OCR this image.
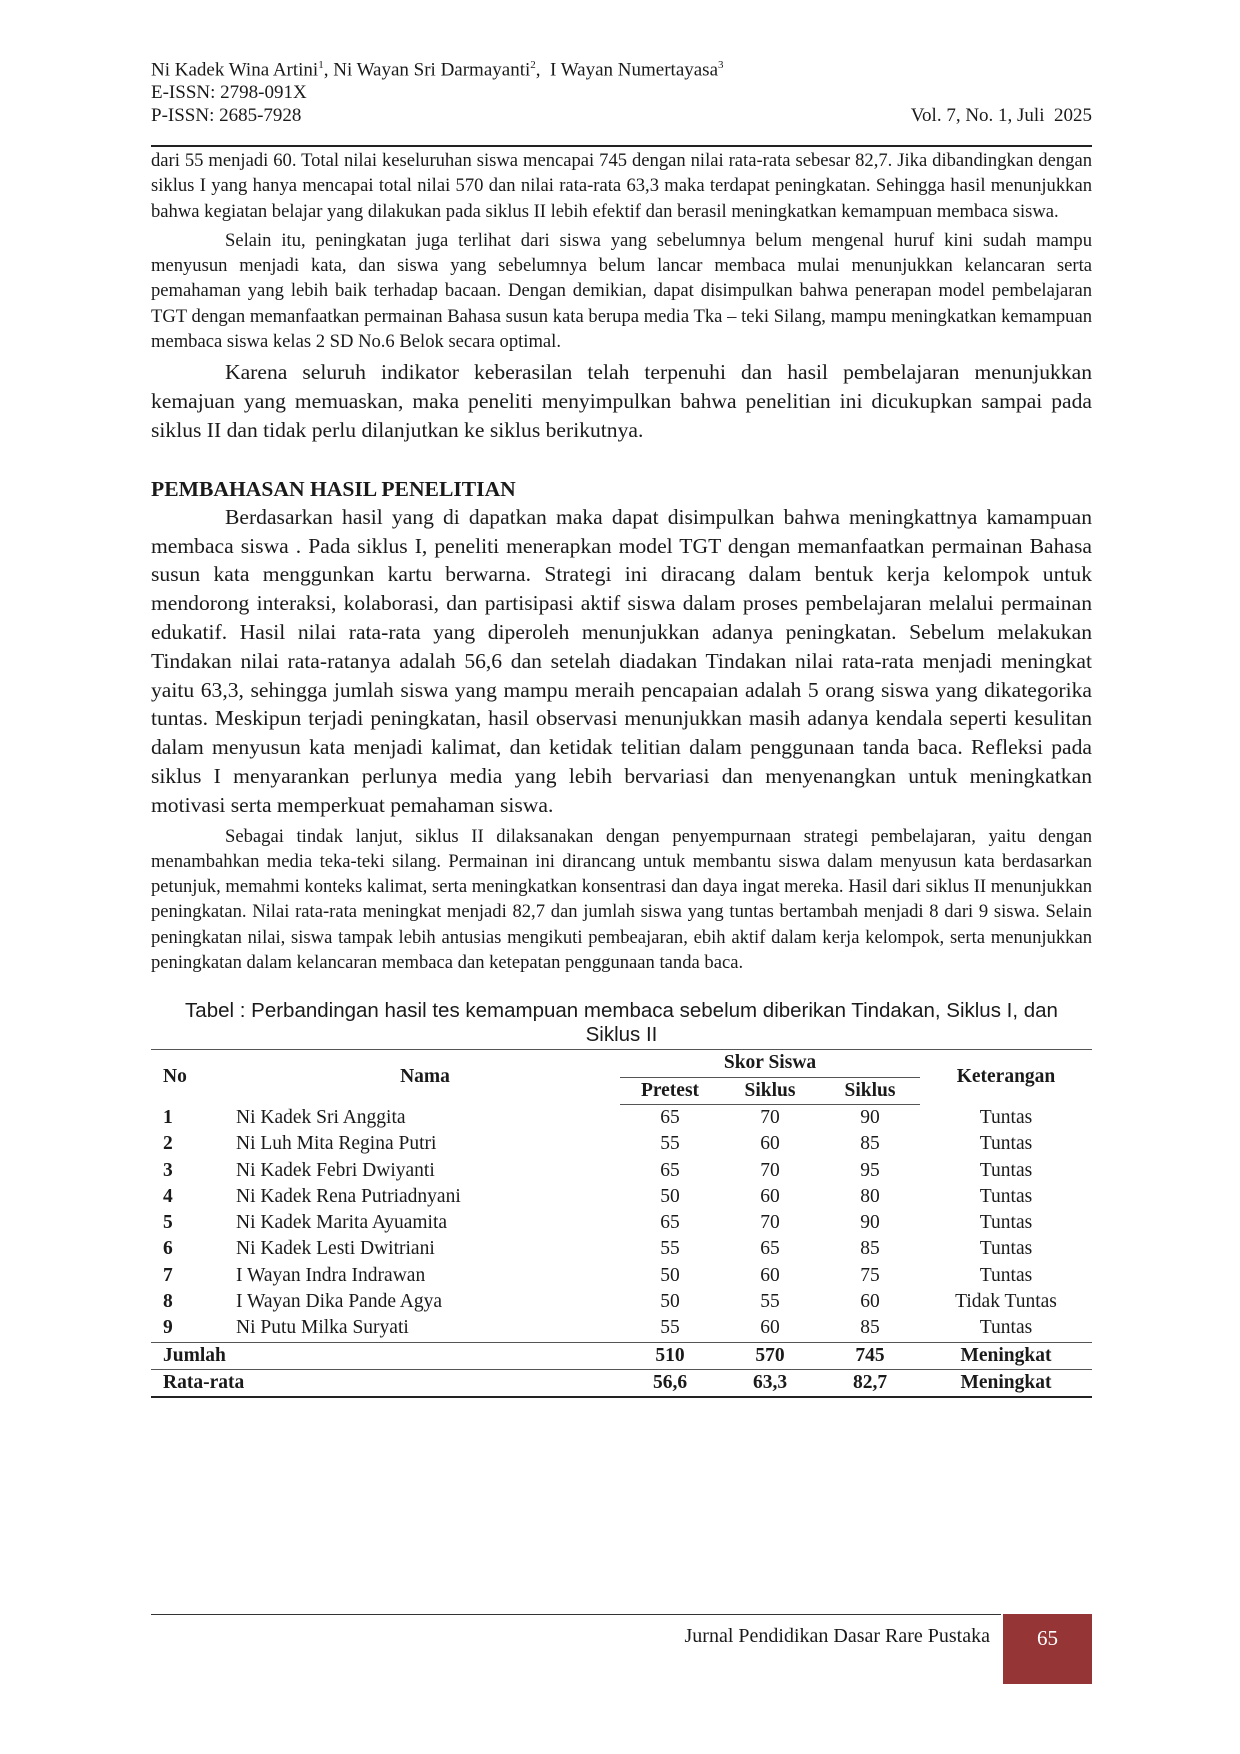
Ni Kadek Wina Artini$^1$, Ni Wayan Sri Darmayanti$^2$,  I Wayan Numertayasa$^3$
E-ISSN: 2798-091X
P-ISSN: 2685-7928	Vol. 7, No. 1, Juli  2025

dari 55 menjadi 60. Total nilai keseluruhan siswa mencapai 745 dengan nilai rata-rata sebesar 82,7. Jika dibandingkan dengan siklus I yang hanya mencapai total nilai 570 dan nilai rata-rata 63,3 maka terdapat peningkatan. Sehingga hasil menunjukkan bahwa kegiatan belajar yang dilakukan pada siklus II lebih efektif dan berasil meningkatkan kemampuan membaca siswa.

Selain itu, peningkatan juga terlihat dari siswa yang sebelumnya belum mengenal huruf kini sudah mampu menyusun menjadi kata, dan siswa yang sebelumnya belum lancar membaca mulai menunjukkan kelancaran serta pemahaman yang lebih baik terhadap bacaan. Dengan demikian, dapat disimpulkan bahwa penerapan model pembelajaran TGT dengan memanfaatkan permainan Bahasa susun kata berupa media Tka – teki Silang, mampu meningkatkan kemampuan membaca siswa kelas 2 SD No.6 Belok secara optimal.

Karena seluruh indikator keberasilan telah terpenuhi dan hasil pembelajaran menunjukkan kemajuan yang memuaskan, maka peneliti menyimpulkan bahwa penelitian ini dicukupkan sampai pada siklus II dan tidak perlu dilanjutkan ke siklus berikutnya.

PEMBAHASAN HASIL PENELITIAN

Berdasarkan hasil yang di dapatkan maka dapat disimpulkan bahwa meningkattnya kamampuan membaca siswa . Pada siklus I, peneliti menerapkan model TGT dengan memanfaatkan permainan Bahasa susun kata menggunkan kartu berwarna. Strategi ini diracang dalam bentuk kerja kelompok untuk mendorong interaksi, kolaborasi, dan partisipasi aktif siswa dalam proses pembelajaran melalui permainan edukatif. Hasil nilai rata-rata yang diperoleh menunjukkan adanya peningkatan. Sebelum melakukan Tindakan nilai rata-ratanya adalah 56,6 dan setelah diadakan Tindakan nilai rata-rata menjadi meningkat yaitu 63,3, sehingga jumlah siswa yang mampu meraih pencapaian adalah 5 orang siswa yang dikategorika tuntas. Meskipun terjadi peningkatan, hasil observasi menunjukkan masih adanya kendala seperti kesulitan dalam menyusun kata menjadi kalimat, dan ketidak telitian dalam penggunaan tanda baca. Refleksi pada siklus I menyarankan perlunya media yang lebih bervariasi dan menyenangkan untuk meningkatkan motivasi serta memperkuat pemahaman siswa.

Sebagai tindak lanjut, siklus II dilaksanakan dengan penyempurnaan strategi pembelajaran, yaitu dengan menambahkan media teka-teki silang. Permainan ini dirancang untuk membantu siswa dalam menyusun kata berdasarkan petunjuk, memahmi konteks kalimat, serta meningkatkan konsentrasi dan daya ingat mereka. Hasil dari siklus II menunjukkan peningkatan. Nilai rata-rata meningkat menjadi 82,7 dan jumlah siswa yang tuntas bertambah menjadi 8 dari 9 siswa. Selain peningkatan nilai, siswa tampak lebih antusias mengikuti pembeajaran, ebih aktif dalam kerja kelompok, serta menunjukkan peningkatan dalam kelancaran membaca dan ketepatan penggunaan tanda baca.

Tabel : Perbandingan hasil tes kemampuan membaca sebelum diberikan Tindakan, Siklus I, dan Siklus II

No	Nama	Skor Siswa			Keterangan
		Pretest	Siklus	Siklus	
1	Ni Kadek Sri Anggita	65	70	90	Tuntas
2	Ni Luh Mita Regina Putri	55	60	85	Tuntas
3	Ni Kadek Febri Dwiyanti	65	70	95	Tuntas
4	Ni Kadek Rena Putriadnyani	50	60	80	Tuntas
5	Ni Kadek Marita Ayuamita	65	70	90	Tuntas
6	Ni Kadek Lesti Dwitriani	55	65	85	Tuntas
7	I Wayan Indra Indrawan	50	60	75	Tuntas
8	I Wayan Dika Pande Agya	50	55	60	Tidak Tuntas
9	Ni Putu Milka Suryati	55	60	85	Tuntas
Jumlah		510	570	745	Meningkat
Rata-rata		56,6	63,3	82,7	Meningkat
Jurnal Pendidikan Dasar Rare Pustaka	65
